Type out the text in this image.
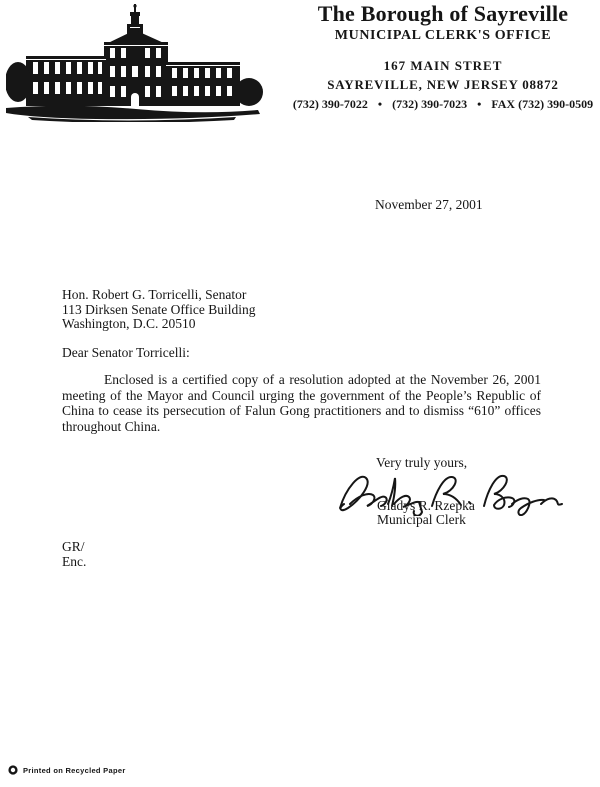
The Borough of Sayreville
MUNICIPAL CLERK'S OFFICE
167 MAIN STRET
SAYREVILLE, NEW JERSEY 08872
(732) 390-7022 • (732) 390-7023 • FAX (732) 390-0509
November 27, 2001
Hon. Robert G. Torricelli, Senator
113 Dirksen Senate Office Building
Washington, D.C. 20510
Dear Senator Torricelli:
Enclosed is a certified copy of a resolution adopted at the November 26, 2001 meeting of the Mayor and Council urging the government of the People’s Republic of China to cease its persecution of Falun Gong practitioners and to dismiss “610” offices throughout China.
Very truly yours,
Gladys R. Rzepka
Municipal Clerk
GR/
Enc.
Printed on Recycled Paper
